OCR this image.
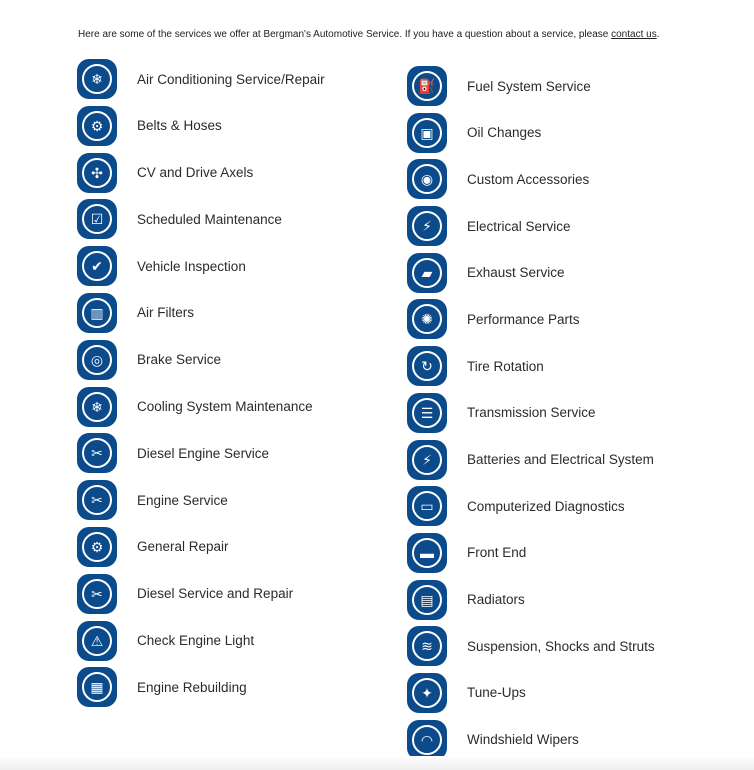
Here are some of the services we offer at Bergman's Automotive Service. If you have a question about a service, please contact us.
❄	Air Conditioning Service/Repair
⚙	Belts & Hoses
✣	CV and Drive Axels
☑	Scheduled Maintenance
✔	Vehicle Inspection
▥	Air Filters
◎	Brake Service
❄	Cooling System Maintenance
✂	Diesel Engine Service
✂	Engine Service
⚙	General Repair
✂	Diesel Service and Repair
⚠	Check Engine Light
▦	Engine Rebuilding
⛽	Fuel System Service
▣	Oil Changes
◉	Custom Accessories
⚡	Electrical Service
▰	Exhaust Service
✺	Performance Parts
↻	Tire Rotation
☰	Transmission Service
⚡	Batteries and Electrical System
▭	Computerized Diagnostics
▬	Front End
▤	Radiators
≋	Suspension, Shocks and Struts
✦	Tune-Ups
◠	Windshield Wipers
